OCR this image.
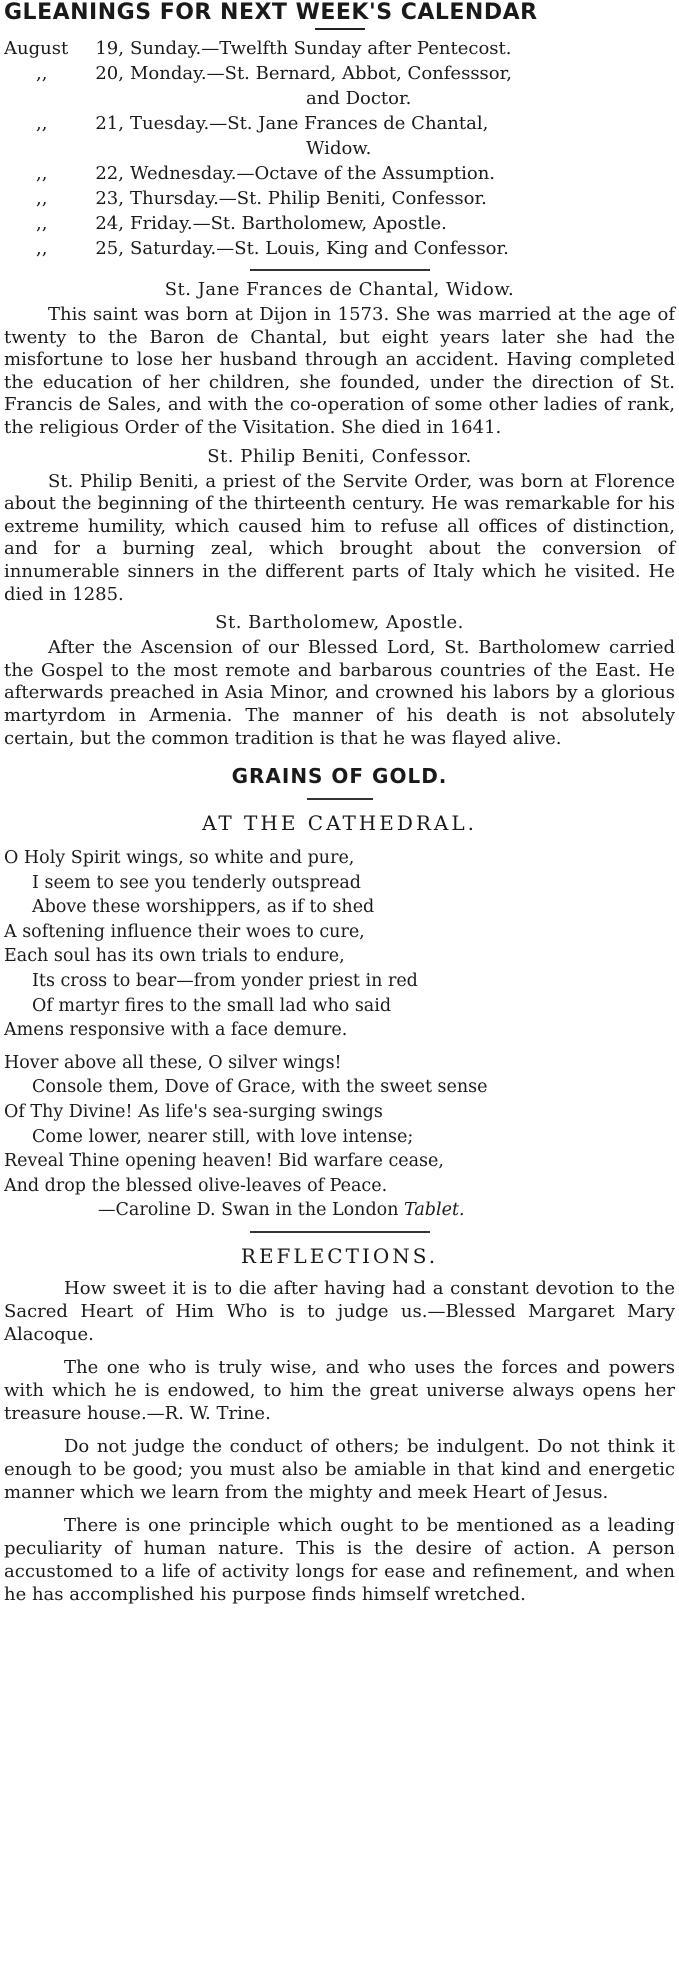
GLEANINGS FOR NEXT WEEK'S CALENDAR
August	19, Sunday.—Twelfth Sunday after Pentecost.
,,	20, Monday.—St. Bernard, Abbot, Confesssor,
and Doctor.
,,	21, Tuesday.—St. Jane Frances de Chantal,
Widow.
,,	22, Wednesday.—Octave of the Assumption.
,,	23, Thursday.—St. Philip Beniti, Confessor.
,,	24, Friday.—St. Bartholomew, Apostle.
,,	25, Saturday.—St. Louis, King and Confessor.
St. Jane Frances de Chantal, Widow.

This saint was born at Dijon in 1573. She was married at the age of twenty to the Baron de Chantal, but eight years later she had the misfortune to lose her husband through an accident. Having completed the education of her children, she founded, under the direction of St. Francis de Sales, and with the co-operation of some other ladies of rank, the religious Order of the Visitation. She died in 1641.

St. Philip Beniti, Confessor.

St. Philip Beniti, a priest of the Servite Order, was born at Florence about the beginning of the thirteenth century. He was remarkable for his extreme humility, which caused him to refuse all offices of distinction, and for a burning zeal, which brought about the conversion of innumerable sinners in the different parts of Italy which he visited. He died in 1285.

St. Bartholomew, Apostle.

After the Ascension of our Blessed Lord, St. Bartholomew carried the Gospel to the most remote and barbarous countries of the East. He afterwards preached in Asia Minor, and crowned his labors by a glorious martyrdom in Armenia. The manner of his death is not absolutely certain, but the common tradition is that he was flayed alive.

GRAINS OF GOLD.
AT THE CATHEDRAL.
O Holy Spirit wings, so white and pure,
I seem to see you tenderly outspread
Above these worshippers, as if to shed
A softening influence their woes to cure,
Each soul has its own trials to endure,
Its cross to bear—from yonder priest in red
Of martyr fires to the small lad who said
Amens responsive with a face demure.
Hover above all these, O silver wings!
Console them, Dove of Grace, with the sweet sense
Of Thy Divine! As life's sea-surging swings
Come lower, nearer still, with love intense;
Reveal Thine opening heaven! Bid warfare cease,
And drop the blessed olive-leaves of Peace.
—Caroline D. Swan in the London Tablet.
REFLECTIONS.

How sweet it is to die after having had a constant devotion to the Sacred Heart of Him Who is to judge us.—Blessed Margaret Mary Alacoque.

The one who is truly wise, and who uses the forces and powers with which he is endowed, to him the great universe always opens her treasure house.—R. W. Trine.

Do not judge the conduct of others; be indulgent. Do not think it enough to be good; you must also be amiable in that kind and energetic manner which we learn from the mighty and meek Heart of Jesus.

There is one principle which ought to be mentioned as a leading peculiarity of human nature. This is the desire of action. A person accustomed to a life of activity longs for ease and refinement, and when he has accomplished his purpose finds himself wretched.
